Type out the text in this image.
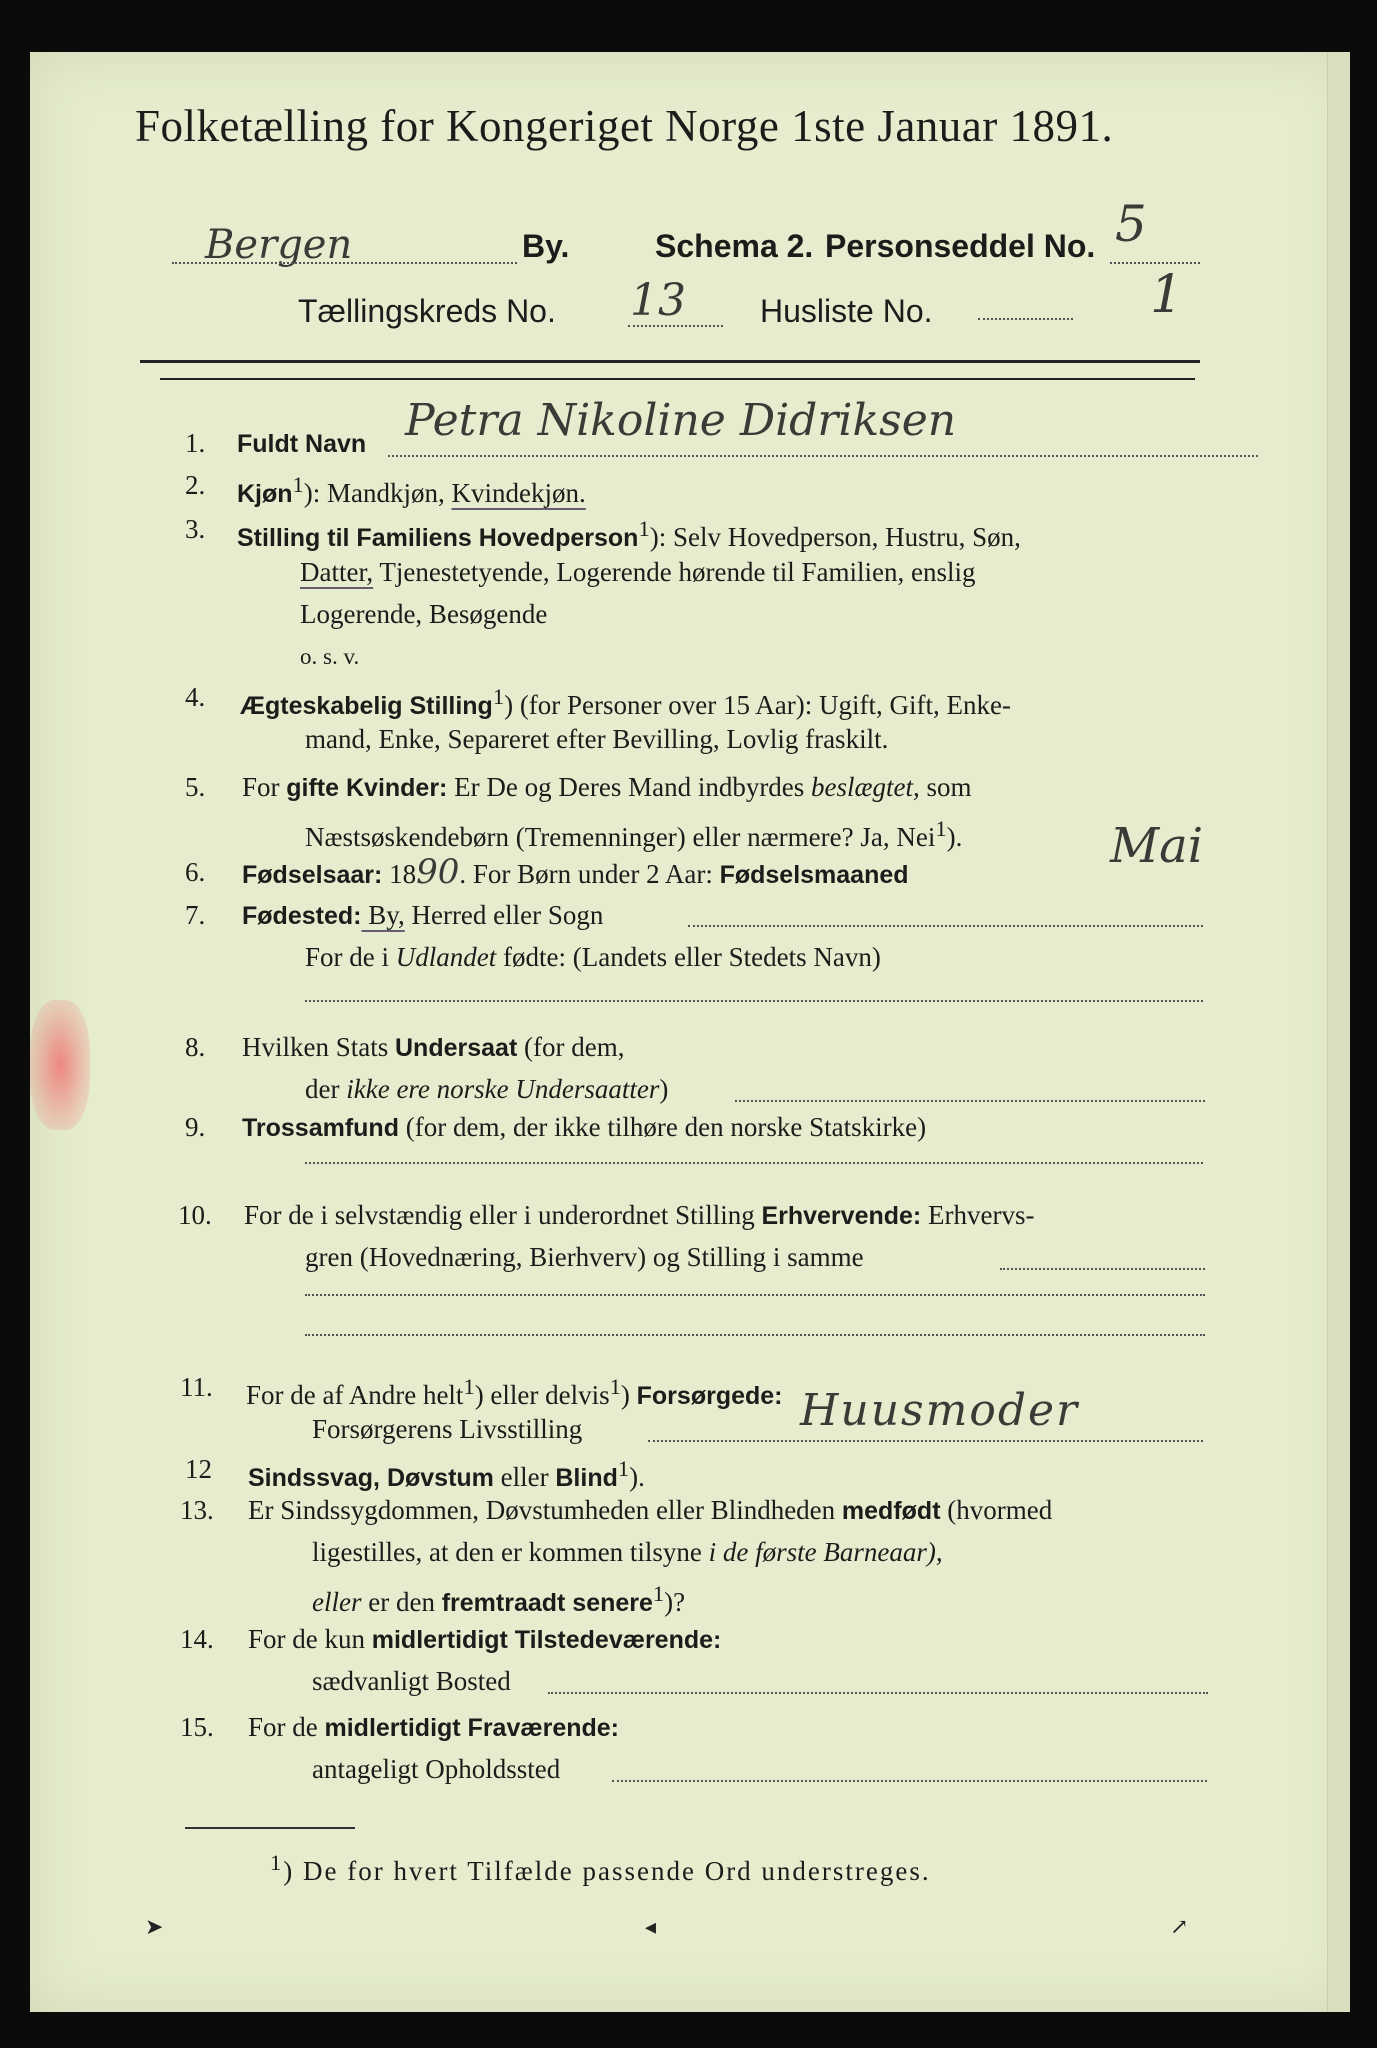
Folketælling for Kongeriget Norge 1ste Januar 1891.
Bergen	By.	Schema 2. Personseddel No. 5
Tællingskreds No. 13 Husliste No.	1
1. Fuldt Navn Petra Nikoline Didriksen
2. Kjøn$^1$): Mandkjøn, Kvindekjøn.
3. Stilling til Familiens Hovedperson$^1$): Selv Hovedperson, Hustru, Søn,
Datter, Tjenestetyende, Logerende hørende til Familien, enslig
Logerende, Besøgende
o. s. v.
4. Ægteskabelig Stilling$^1$) (for Personer over 15 Aar): Ugift, Gift, Enke-
mand, Enke, Separeret efter Bevilling, Lovlig fraskilt.
5. For gifte Kvinder: Er De og Deres Mand indbyrdes beslægtet, som
Næstsøskendebørn (Tremenninger) eller nærmere? Ja, Nei$^1$).
6. Fødselsaar: 1890. For Børn under 2 Aar: Fødselsmaaned
Mai
7. Fødested: By, Herred eller Sogn
For de i Udlandet fødte: (Landets eller Stedets Navn)
8. Hvilken Stats Undersaat (for dem,
der ikke ere norske Undersaatter)
9. Trossamfund (for dem, der ikke tilhøre den norske Statskirke)
10. For de i selvstændig eller i underordnet Stilling Erhvervende: Erhvervs-
gren (Hovednæring, Bierhverv) og Stilling i samme
11. For de af Andre helt$^1$) eller delvis$^1$) Forsørgede:
Forsørgerens Livsstilling	Huusmoder
12 Sindssvag, Døvstum eller Blind$^1$).
13. Er Sindssygdommen, Døvstumheden eller Blindheden medfødt (hvormed
ligestilles, at den er kommen tilsyne i de første Barneaar),
eller er den fremtraadt senere$^1$)?
14. For de kun midlertidigt Tilstedeværende:
sædvanligt Bosted
15. For de midlertidigt Fraværende:
antageligt Opholdssted
$^1$) De for hvert Tilfælde passende Ord understreges.
➤	◂	↗
